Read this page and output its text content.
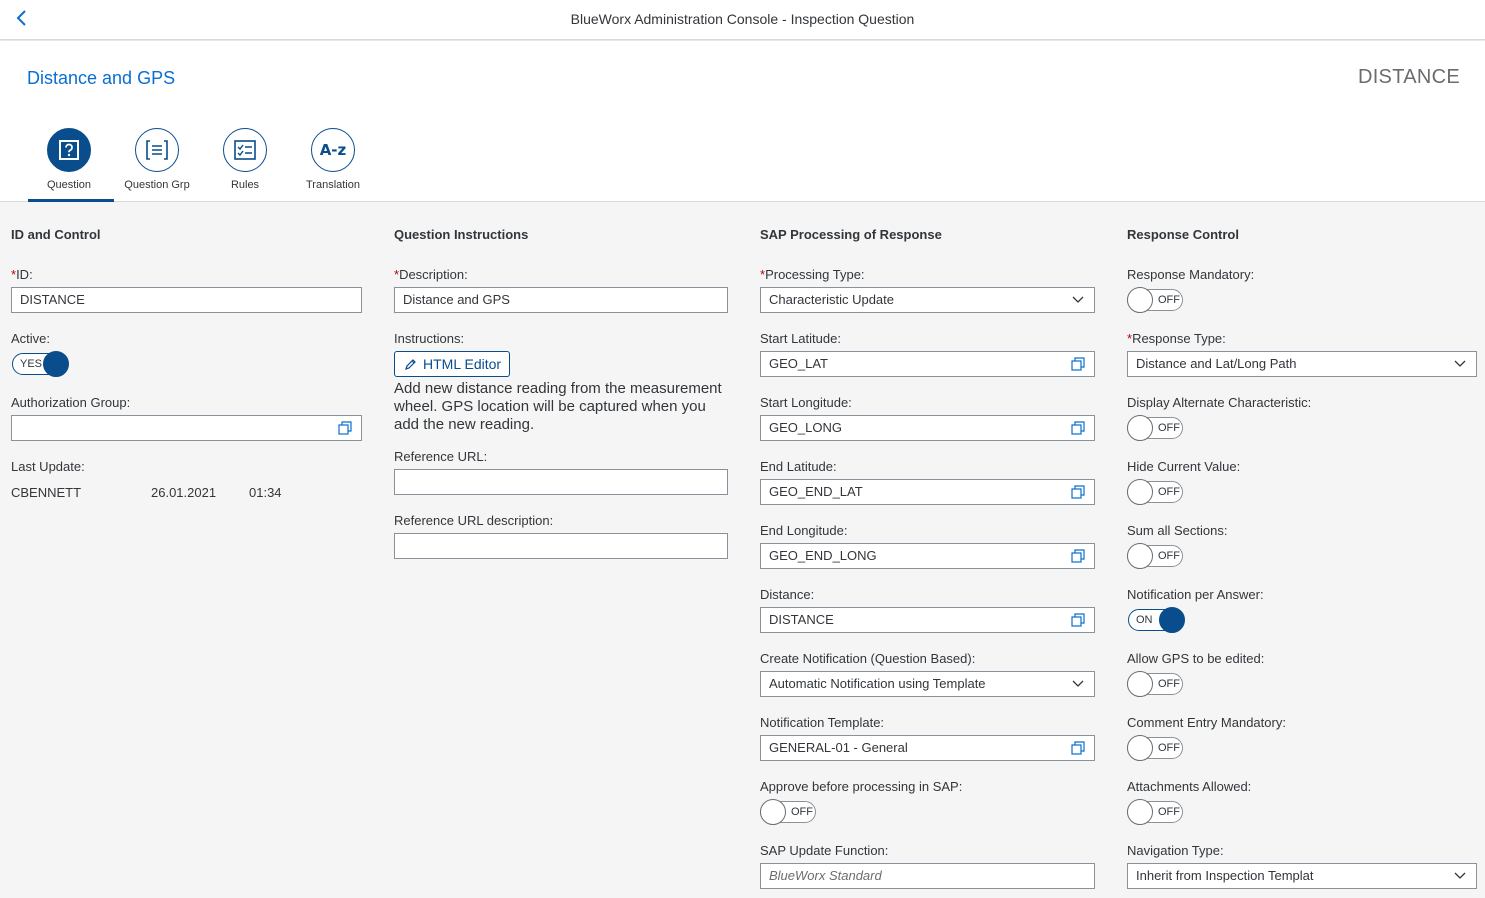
BlueWorx Administration Console - Inspection Question
Distance and GPS	DISTANCE
Question	Question Grp	Rules
A-z
Translation
ID and Control
*ID:
DISTANCE
Active:
YES
Authorization Group:
Last Update:
CBENNETT	26.01.2021	01:34
Question Instructions
*Description:
Distance and GPS
Instructions:
HTML Editor
Add new distance reading from the measurement wheel. GPS location will be captured when you add the new reading.
Reference URL:
Reference URL description:
SAP Processing of Response
*Processing Type:
Characteristic Update
Start Latitude:
GEO_LAT
Start Longitude:
GEO_LONG
End Latitude:
GEO_END_LAT
End Longitude:
GEO_END_LONG
Distance:
DISTANCE
Create Notification (Question Based):
Automatic Notification using Template
Notification Template:
GENERAL-01 - General
Approve before processing in SAP:
OFF
SAP Update Function:
BlueWorx Standard
Response Control
Response Mandatory:
OFF
*Response Type:
Distance and Lat/Long Path
Display Alternate Characteristic:
OFF
Hide Current Value:
OFF
Sum all Sections:
OFF
Notification per Answer:
ON
Allow GPS to be edited:
OFF
Comment Entry Mandatory:
OFF
Attachments Allowed:
OFF
Navigation Type:
Inherit from Inspection Templat
